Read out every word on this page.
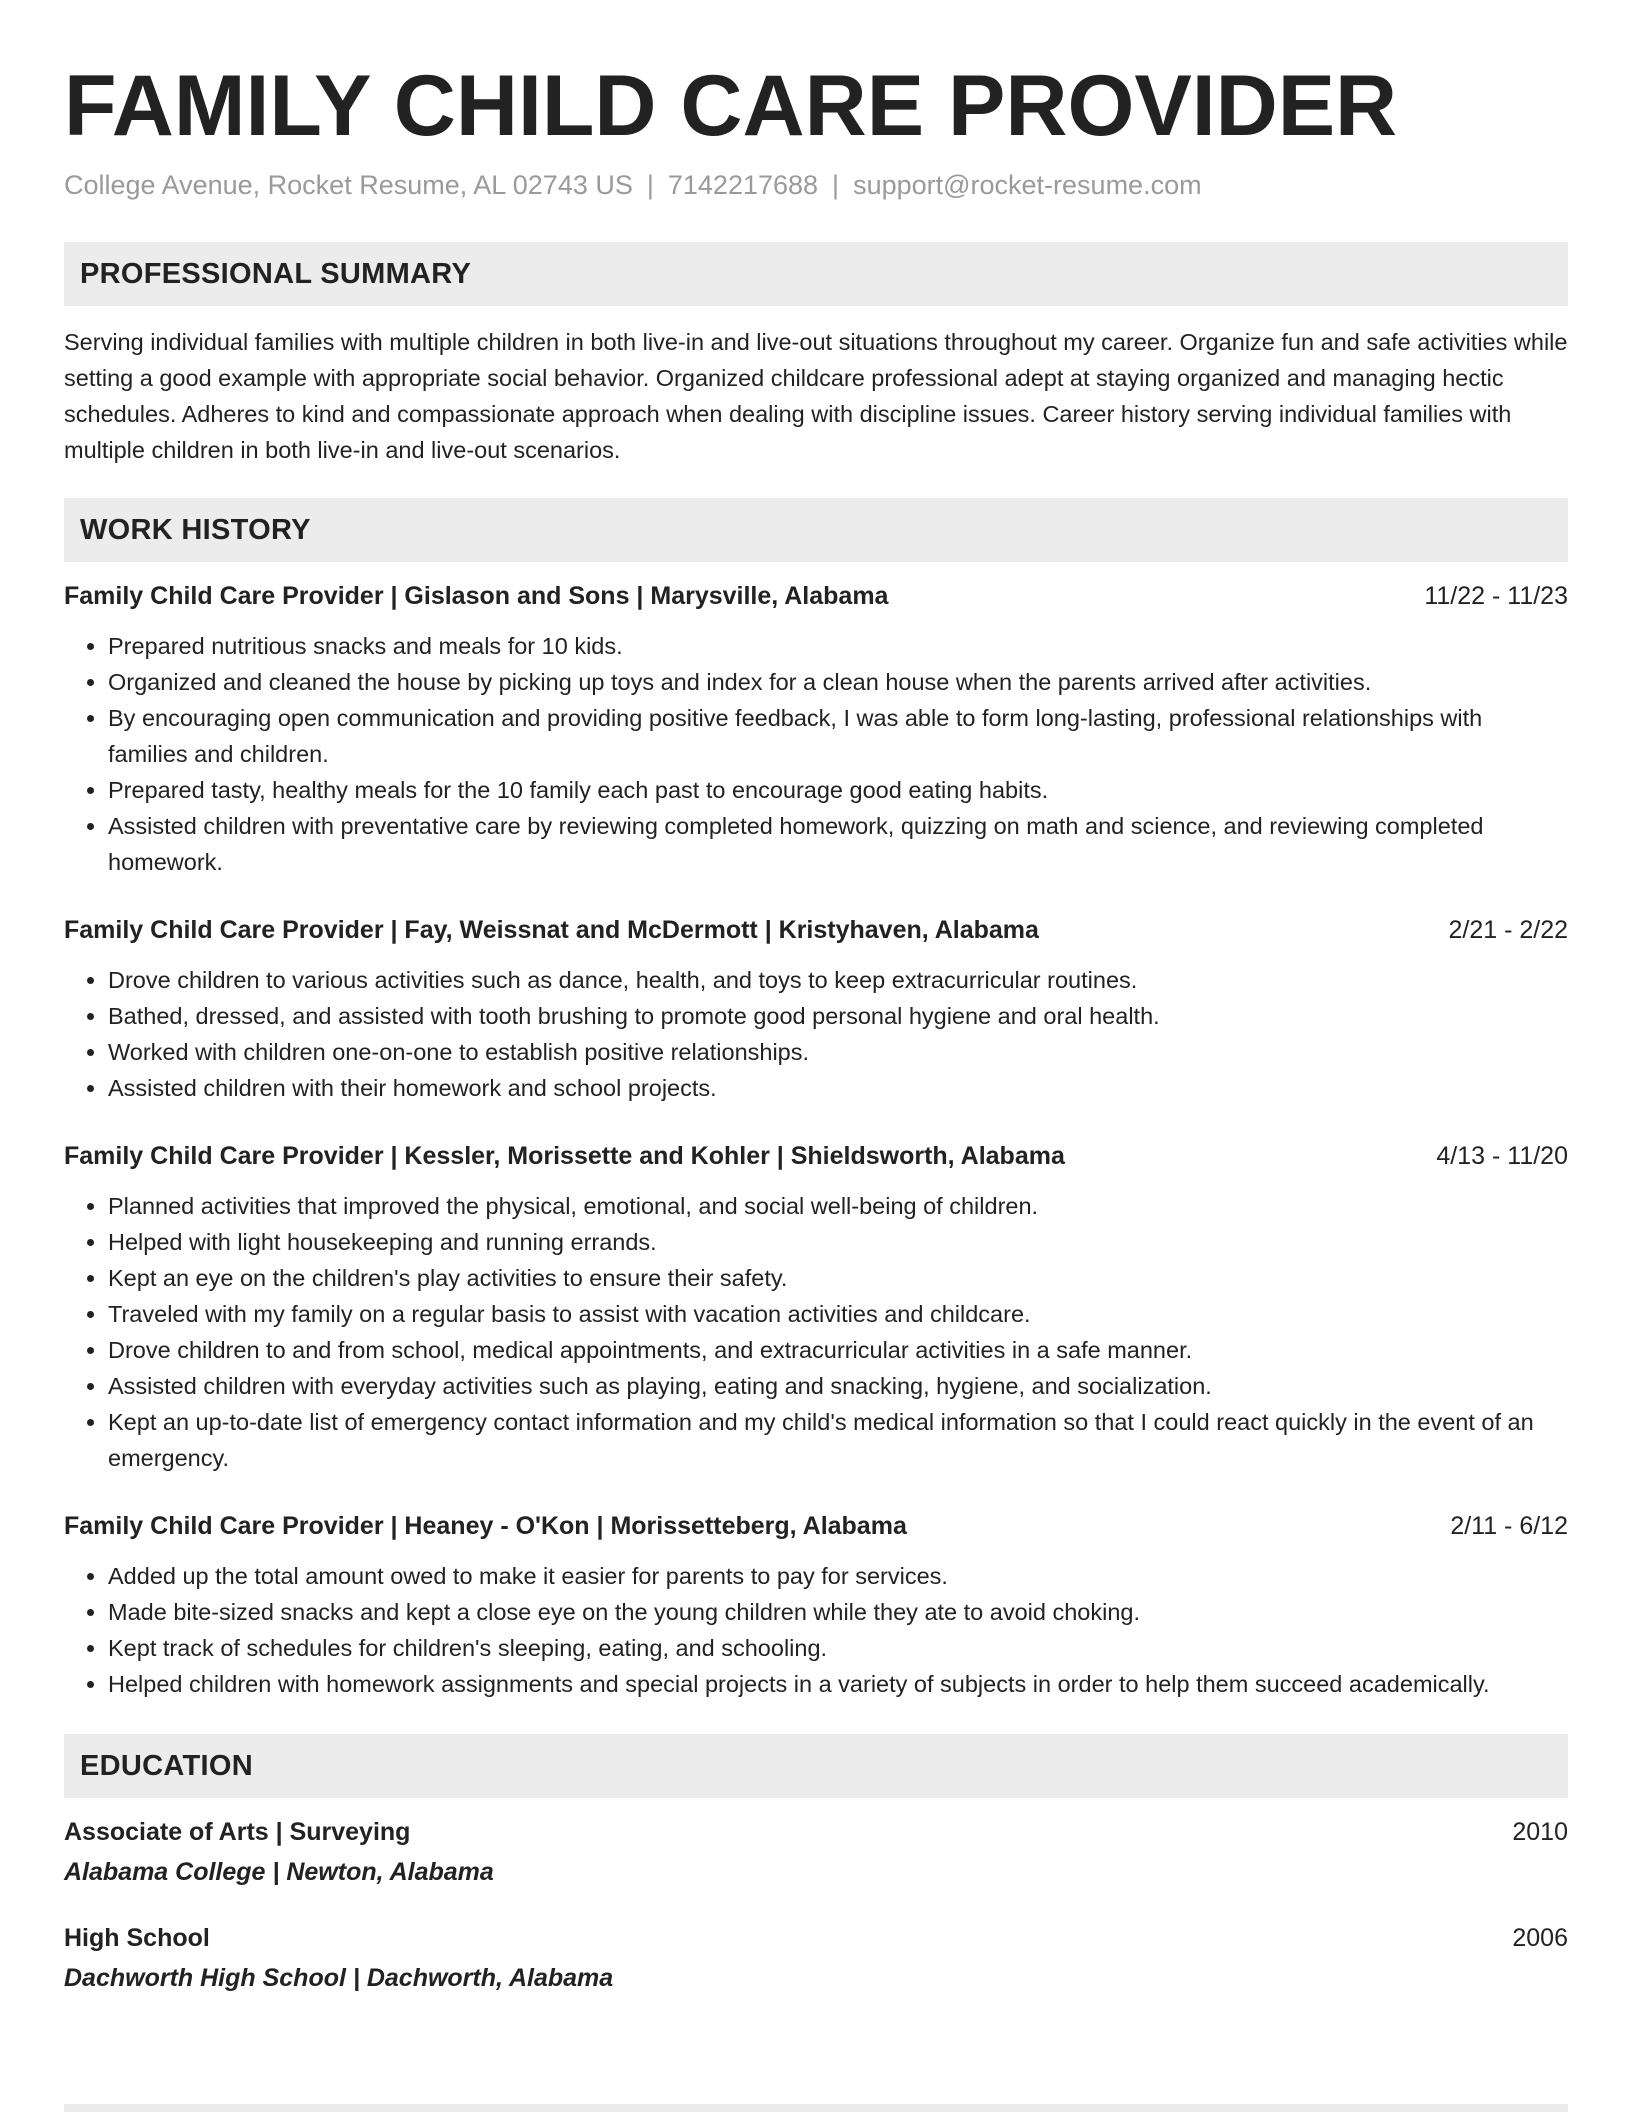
FAMILY CHILD CARE PROVIDER
College Avenue, Rocket Resume, AL 02743 US | 7142217688 | support@rocket-resume.com
PROFESSIONAL SUMMARY

Serving individual families with multiple children in both live-in and live-out situations throughout my career. Organize fun and safe activities while setting a good example with appropriate social behavior. Organized childcare professional adept at staying organized and managing hectic schedules. Adheres to kind and compassionate approach when dealing with discipline issues. Career history serving individual families with multiple children in both live-in and live-out scenarios.

WORK HISTORY
Family Child Care Provider | Gislason and Sons | Marysville, Alabama	11/22 - 11/23
• Prepared nutritious snacks and meals for 10 kids.
• Organized and cleaned the house by picking up toys and index for a clean house when the parents arrived after activities.
• By encouraging open communication and providing positive feedback, I was able to form long-lasting, professional relationships with families and children.
• Prepared tasty, healthy meals for the 10 family each past to encourage good eating habits.
• Assisted children with preventative care by reviewing completed homework, quizzing on math and science, and reviewing completed homework.
Family Child Care Provider | Fay, Weissnat and McDermott | Kristyhaven, Alabama	2/21 - 2/22
• Drove children to various activities such as dance, health, and toys to keep extracurricular routines.
• Bathed, dressed, and assisted with tooth brushing to promote good personal hygiene and oral health.
• Worked with children one-on-one to establish positive relationships.
• Assisted children with their homework and school projects.
Family Child Care Provider | Kessler, Morissette and Kohler | Shieldsworth, Alabama	4/13 - 11/20
• Planned activities that improved the physical, emotional, and social well-being of children.
• Helped with light housekeeping and running errands.
• Kept an eye on the children's play activities to ensure their safety.
• Traveled with my family on a regular basis to assist with vacation activities and childcare.
• Drove children to and from school, medical appointments, and extracurricular activities in a safe manner.
• Assisted children with everyday activities such as playing, eating and snacking, hygiene, and socialization.
• Kept an up-to-date list of emergency contact information and my child's medical information so that I could react quickly in the event of an emergency.
Family Child Care Provider | Heaney - O'Kon | Morissetteberg, Alabama	2/11 - 6/12
• Added up the total amount owed to make it easier for parents to pay for services.
• Made bite-sized snacks and kept a close eye on the young children while they ate to avoid choking.
• Kept track of schedules for children's sleeping, eating, and schooling.
• Helped children with homework assignments and special projects in a variety of subjects in order to help them succeed academically.
EDUCATION
Associate of Arts | Surveying	2010
Alabama College | Newton, Alabama
High School	2006
Dachworth High School | Dachworth, Alabama
